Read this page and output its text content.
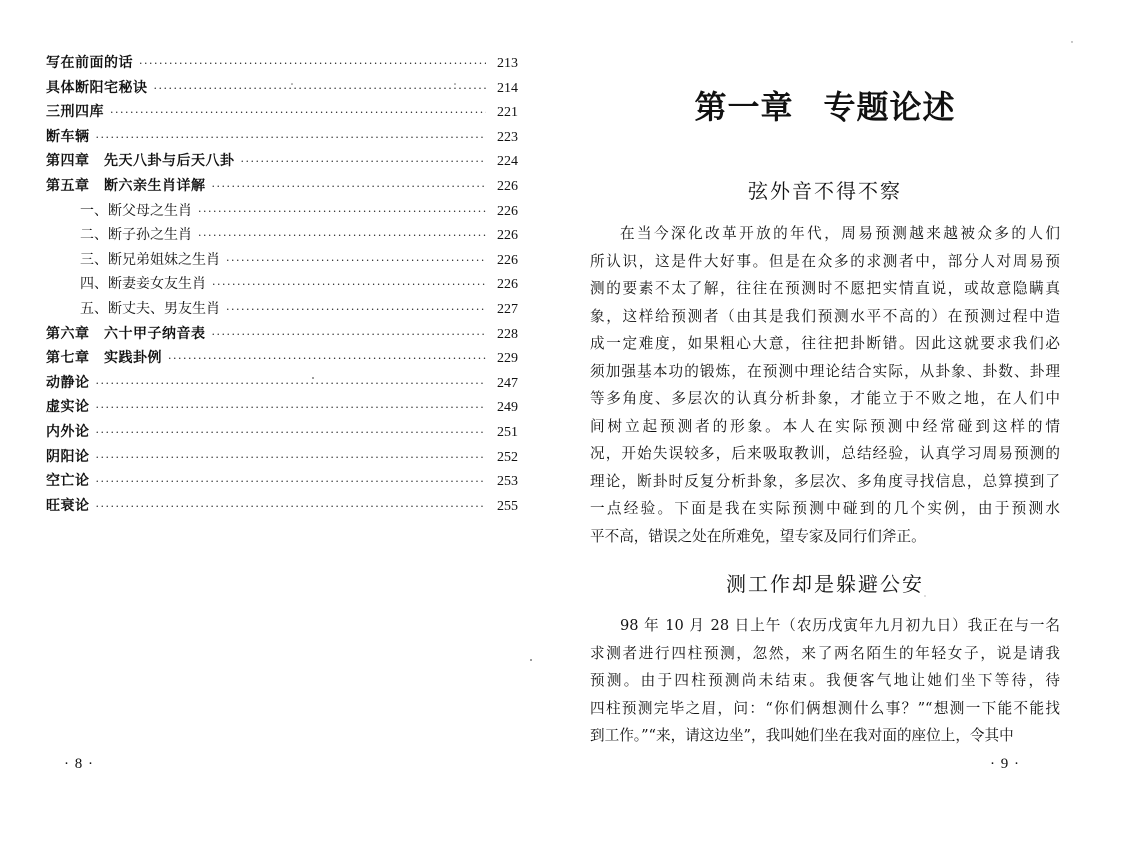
写在前面的话 ·····	213
具体断阳宅秘诀 ·····	214
三刑四库 ·····	221
断车辆 ·····	223
第四章　先天八卦与后天八卦 ·····	224
第五章　断六亲生肖详解 ·····	226
一、断父母之生肖 ·····	226
二、断子孙之生肖 ·····	226
三、断兄弟姐妹之生肖 ·····	226
四、断妻妾女友生肖 ·····	226
五、断丈夫、男友生肖 ·····	227
第六章　六十甲子纳音表 ·····	228
第七章　实践卦例 ·····	229
动静论 ·····	247
虚实论 ·····	249
内外论 ·····	251
阴阳论 ·····	252
空亡论 ·····	253
旺衰论 ·····	255
· 8 ·
第一章 专题论述
弦外音不得不察
在当今深化改革开放的年代，周易预测越来越被众多的人们
所认识，这是件大好事。但是在众多的求测者中，部分人对周易预
测的要素不太了解，往往在预测时不愿把实情直说，或故意隐瞒真
象，这样给预测者（由其是我们预测水平不高的）在预测过程中造
成一定难度，如果粗心大意，往往把卦断错。因此这就要求我们必
须加强基本功的锻炼，在预测中理论结合实际，从卦象、卦数、卦理
等多角度、多层次的认真分析卦象，才能立于不败之地，在人们中
间树立起预测者的形象。本人在实际预测中经常碰到这样的情
况，开始失误较多，后来吸取教训，总结经验，认真学习周易预测的
理论，断卦时反复分析卦象，多层次、多角度寻找信息，总算摸到了
一点经验。下面是我在实际预测中碰到的几个实例，由于预测水
平不高，错误之处在所难免，望专家及同行们斧正。
测工作却是躲避公安
98 年 10 月 28 日上午（农历戊寅年九月初九日）我正在与一名
求测者进行四柱预测，忽然，来了两名陌生的年轻女子，说是请我
预测。由于四柱预测尚未结束。我便客气地让她们坐下等待，待
四柱预测完毕之眉，问：“你们俩想测什么事？”“想测一下能不能找
到工作。”“来，请这边坐”，我叫她们坐在我对面的座位上，令其中
· 9 ·
